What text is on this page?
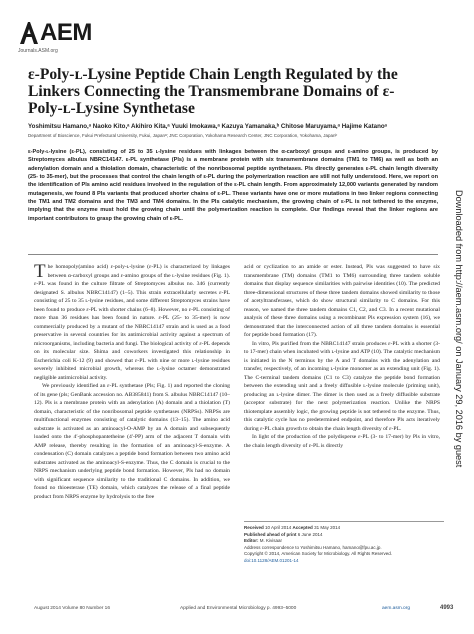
AEM
Journals.ASM.org
ε-Poly-ʟ-Lysine Peptide Chain Length Regulated by the Linkers Connecting the Transmembrane Domains of ε-Poly-ʟ-Lysine Synthetase
Yoshimitsu Hamano,ᵃ Naoko Kito,ᵃ Akihiro Kita,ᵃ Yuuki Imokawa,ᵃ Kazuya Yamanaka,ᵇ Chitose Maruyama,ᵃ Hajime Katanoᵃ
Department of Bioscience, Fukui Prefectural University, Fukui, Japanᵃ; JNC Corporation, Yokohama Research Center, JNC Corporation, Yokohama, Japanᵇ
ε-Poly-ʟ-lysine (ε-PL), consisting of 25 to 35 ʟ-lysine residues with linkages between the α-carboxyl groups and ε-amino groups, is produced by Streptomyces albulus NBRC14147. ε-PL synthetase (Pls) is a membrane protein with six transmembrane domains (TM1 to TM6) as well as both an adenylation domain and a thiolation domain, characteristic of the nonribosomal peptide synthetases. Pls directly generates ε-PL chain length diversity (25- to 35-mer), but the processes that control the chain length of ε-PL during the polymerization reaction are still not fully understood. Here, we report on the identification of Pls amino acid residues involved in the regulation of the ε-PL chain length. From approximately 12,000 variants generated by random mutagenesis, we found 8 Pls variants that produced shorter chains of ε-PL. These variants have one or more mutations in two linker regions connecting the TM1 and TM2 domains and the TM3 and TM4 domains. In the Pls catalytic mechanism, the growing chain of ε-PL is not tethered to the enzyme, implying that the enzyme must hold the growing chain until the polymerization reaction is complete. Our findings reveal that the linker regions are important contributors to grasp the growing chain of ε-PL.

The homopoly(amino acid) ε-poly-ʟ-lysine (ε-PL) is characterized by linkages between α-carboxyl groups and ε-amino groups of the ʟ-lysine residues (Fig. 1). ε-PL was found in the culture filtrate of Streptomyces albulus no. 346 (currently designated S. albulus NBRC14147) (1–5). This strain extracellularly secretes ε-PL consisting of 25 to 35 ʟ-lysine residues, and some different Streptomyces strains have been found to produce ε-PL with shorter chains (6–8). However, no ε-PL consisting of more than 36 residues has been found in nature. ε-PL (25- to 35-mer) is now commercially produced by a mutant of the NBRC14147 strain and is used as a food preservative in several countries for its antimicrobial activity against a spectrum of microorganisms, including bacteria and fungi. The biological activity of ε-PL depends on its molecular size. Shima and coworkers investigated this relationship in Escherichia coli K-12 (9) and showed that ε-PL with nine or more ʟ-lysine residues severely inhibited microbial growth, whereas the ʟ-lysine octamer demonstrated negligible antimicrobial activity.

We previously identified an ε-PL synthetase (Pls; Fig. 1) and reported the cloning of its gene (pls; GenBank accession no. AB385841) from S. albulus NBRC14147 (10–12). Pls is a membrane protein with an adenylation (A) domain and a thiolation (T) domain, characteristic of the nonribosomal peptide synthetases (NRPSs). NRPSs are multifunctional enzymes consisting of catalytic domains (13–15). The amino acid substrate is activated as an aminoacyl-O-AMP by an A domain and subsequently loaded onto the 4′-phosphopantetheine (4′-PP) arm of the adjacent T domain with AMP release, thereby resulting in the formation of an aminoacyl-S-enzyme. A condensation (C) domain catalyzes a peptide bond formation between two amino acid substrates activated as the aminoacyl-S-enzyme. Thus, the C domain is crucial to the NRPS mechanism underlying peptide bond formation. However, Pls had no domain with significant sequence similarity to the traditional C domains. In addition, we found no thioesterase (TE) domain, which catalyzes the release of a final peptide product from NRPS enzyme by hydrolysis to the free

acid or cyclization to an amide or ester. Instead, Pls was suggested to have six transmembrane (TM) domains (TM1 to TM6) surrounding three tandem soluble domains that display sequence similarities with pairwise identities (10). The predicted three-dimensional structures of these three tandem domains showed similarity to those of acetyltransferases, which do show structural similarity to C domains. For this reason, we named the three tandem domains C1, C2, and C3. In a recent mutational analysis of these three domains using a recombinant Pls expression system (16), we demonstrated that the interconnected action of all three tandem domains is essential for peptide bond formation (17).

In vitro, Pls purified from the NBRC14147 strain produces ε-PL with a shorter (3- to 17-mer) chain when incubated with ʟ-lysine and ATP (10). The catalytic mechanism is initiated in the N terminus by the A and T domains with the adenylation and transfer, respectively, of an incoming ʟ-lysine monomer as an extending unit (Fig. 1). The C-terminal tandem domains (C1 to C3) catalyze the peptide bond formation between the extending unit and a freely diffusible ʟ-lysine molecule (priming unit), producing an ʟ-lysine dimer. The dimer is then used as a freely diffusible substrate (acceptor substrate) for the next polymerization reaction. Unlike the NRPS thiotemplate assembly logic, the growing peptide is not tethered to the enzyme. Thus, this catalytic cycle has no predetermined endpoint, and therefore Pls acts iteratively during ε-PL chain growth to obtain the chain length diversity of ε-PL.

In light of the production of the polydisperse ε-PL (3- to 17-mer) by Pls in vitro, the chain length diversity of ε-PL is directly

Received 10 April 2014 Accepted 31 May 2014
Published ahead of print 6 June 2014
Editor: M. Kivisaar
Address correspondence to Yoshimitsu Hamano, hamano@fpu.ac.jp.
Copyright © 2014, American Society for Microbiology. All Rights Reserved.
doi:10.1128/AEM.01201-14
August 2014 Volume 80 Number 16	Applied and Environmental Microbiology p. 4993–5000	aem.asm.org	4993
Downloaded from http://aem.asm.org/ on January 29, 2016 by guest
